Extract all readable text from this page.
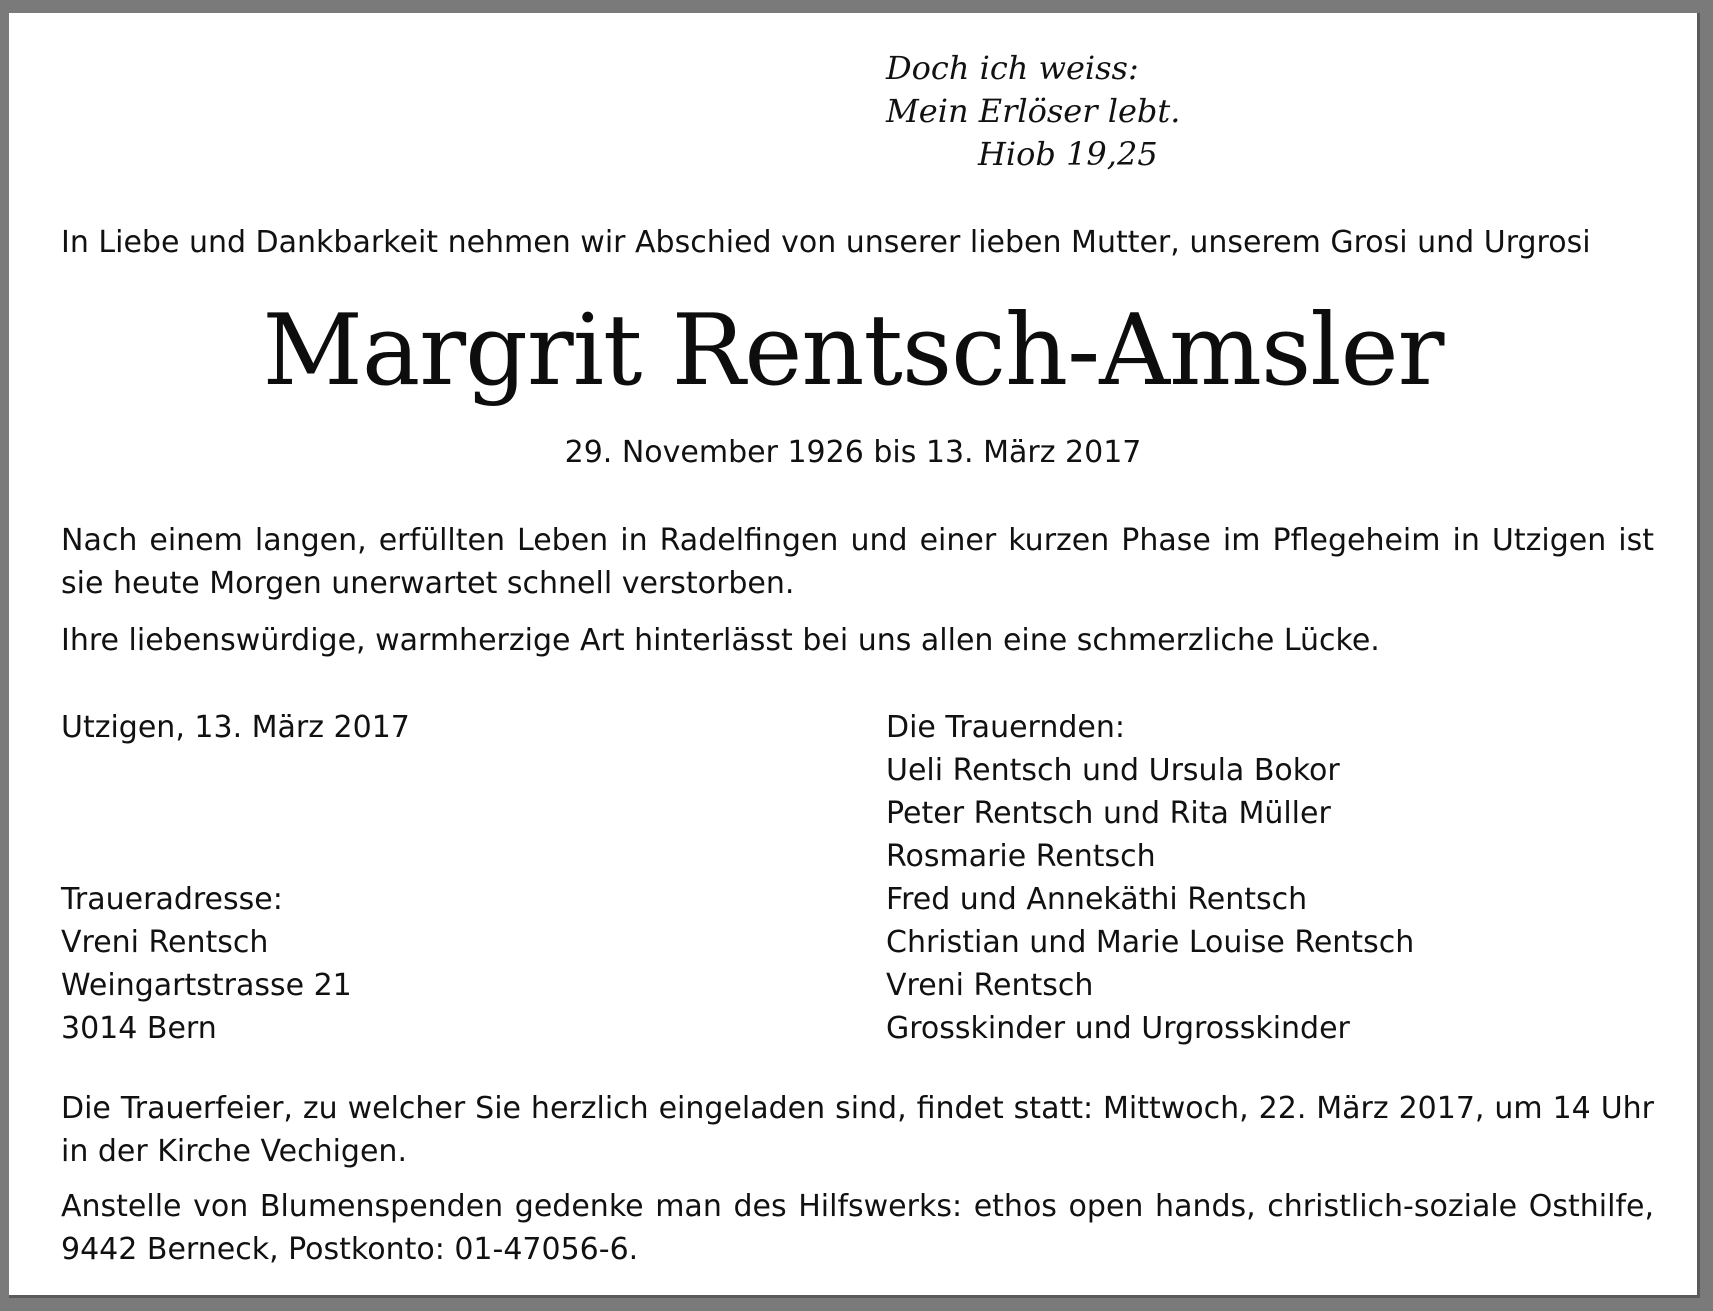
Doch ich weiss:
Mein Erlöser lebt.
Hiob 19,25
In Liebe und Dankbarkeit nehmen wir Abschied von unserer lieben Mutter, unserem Grosi und Urgrosi
Margrit Rentsch-Amsler
29. November 1926 bis 13. März 2017
Nach einem langen, erfüllten Leben in Radelfingen und einer kurzen Phase im Pflegeheim in Utzigen ist sie heute Morgen unerwartet schnell verstorben.
Ihre liebenswürdige, warmherzige Art hinterlässt bei uns allen eine schmerzliche Lücke.
Utzigen, 13. März 2017
Traueradresse:
Vreni Rentsch
Weingartstrasse 21
3014 Bern
Die Trauernden:
Ueli Rentsch und Ursula Bokor
Peter Rentsch und Rita Müller
Rosmarie Rentsch
Fred und Annekäthi Rentsch
Christian und Marie Louise Rentsch
Vreni Rentsch
Grosskinder und Urgrosskinder
Die Trauerfeier, zu welcher Sie herzlich eingeladen sind, findet statt: Mittwoch, 22. März 2017, um 14 Uhr in der Kirche Vechigen.
Anstelle von Blumenspenden gedenke man des Hilfswerks: ethos open hands, christlich-soziale Osthilfe, 9442 Berneck, Postkonto: 01-47056-6.
